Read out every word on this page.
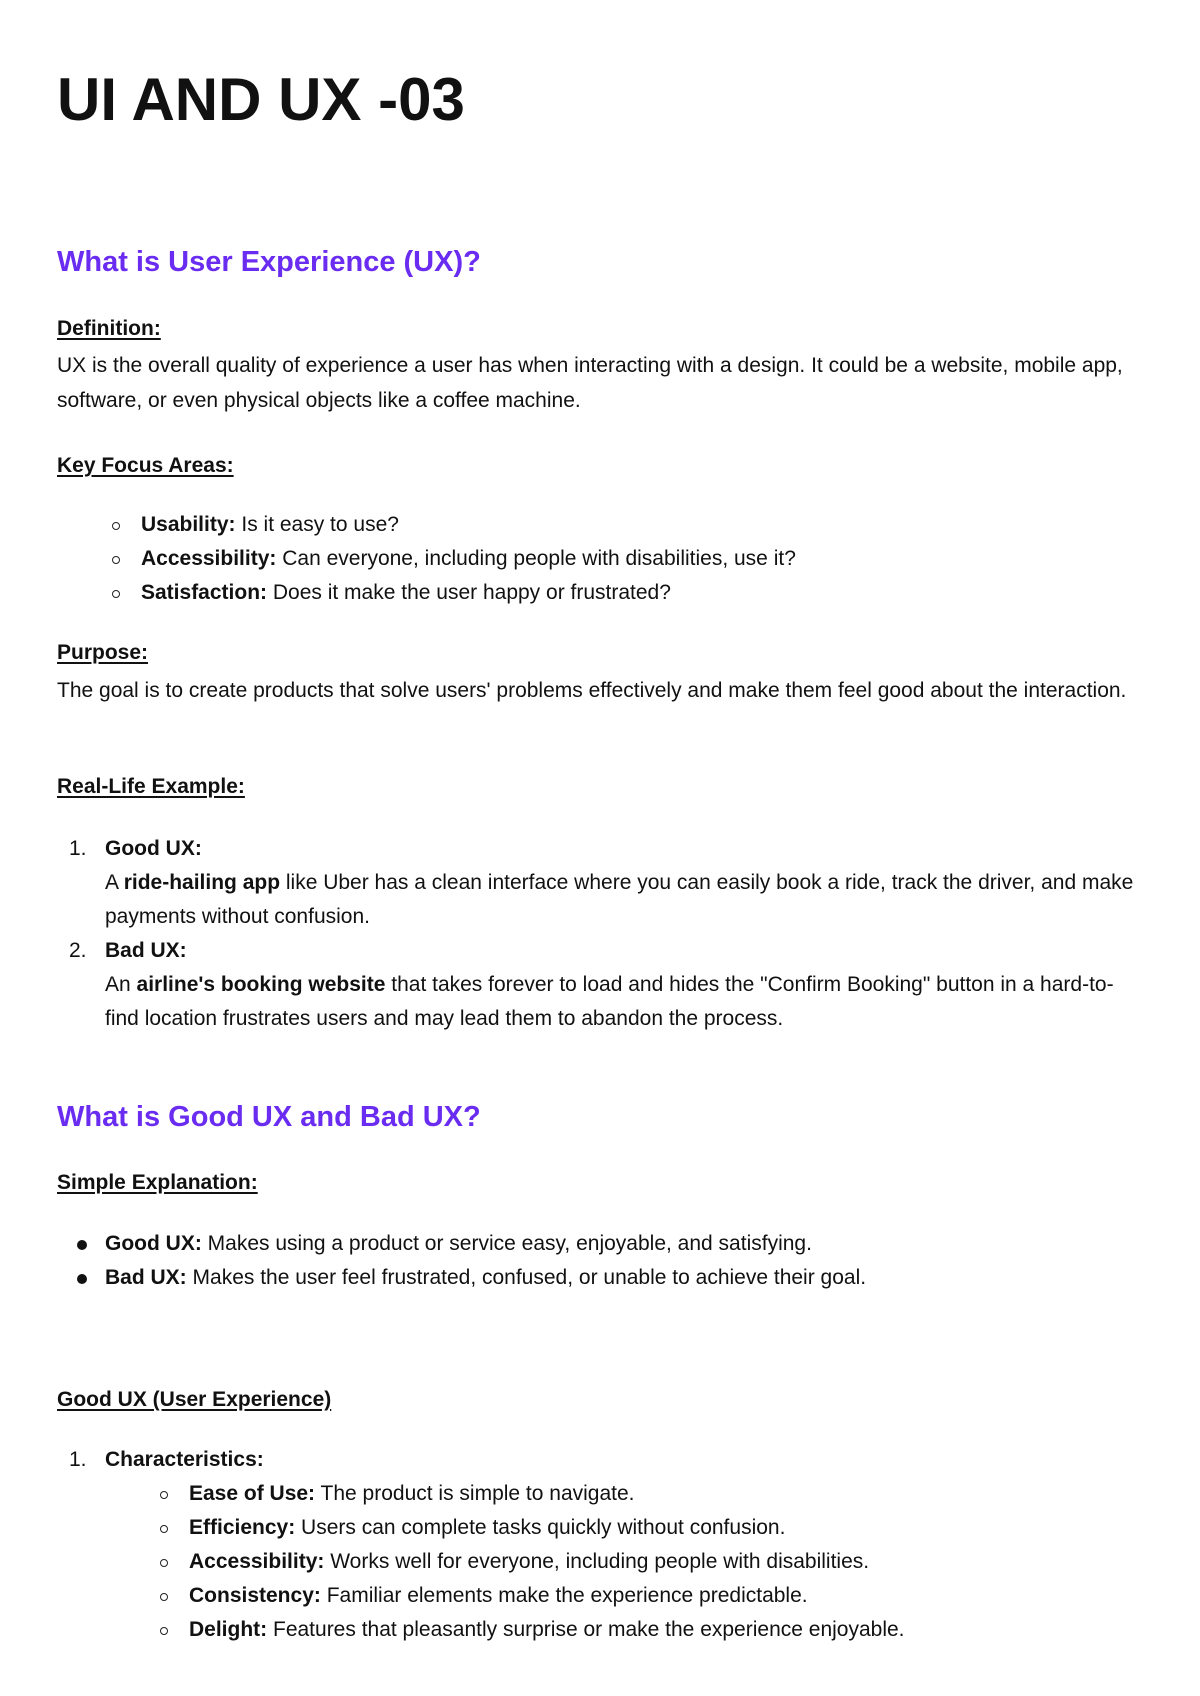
UI AND UX -03
What is User Experience (UX)?

Definition:

UX is the overall quality of experience a user has when interacting with a design. It could be a website, mobile app, software, or even physical objects like a coffee machine.

Key Focus Areas:

Usability: Is it easy to use?
Accessibility: Can everyone, including people with disabilities, use it?
Satisfaction: Does it make the user happy or frustrated?

Purpose:

The goal is to create products that solve users' problems effectively and make them feel good about the interaction.

Real-Life Example:

1. Good UX:
A ride-hailing app like Uber has a clean interface where you can easily book a ride, track the driver, and make payments without confusion.
2. Bad UX:
An airline's booking website that takes forever to load and hides the "Confirm Booking" button in a hard-to-find location frustrates users and may lead them to abandon the process.
What is Good UX and Bad UX?

Simple Explanation:

Good UX: Makes using a product or service easy, enjoyable, and satisfying.
Bad UX: Makes the user feel frustrated, confused, or unable to achieve their goal.

Good UX (User Experience)

1. Characteristics:
Ease of Use: The product is simple to navigate.
Efficiency: Users can complete tasks quickly without confusion.
Accessibility: Works well for everyone, including people with disabilities.
Consistency: Familiar elements make the experience predictable.
Delight: Features that pleasantly surprise or make the experience enjoyable.
